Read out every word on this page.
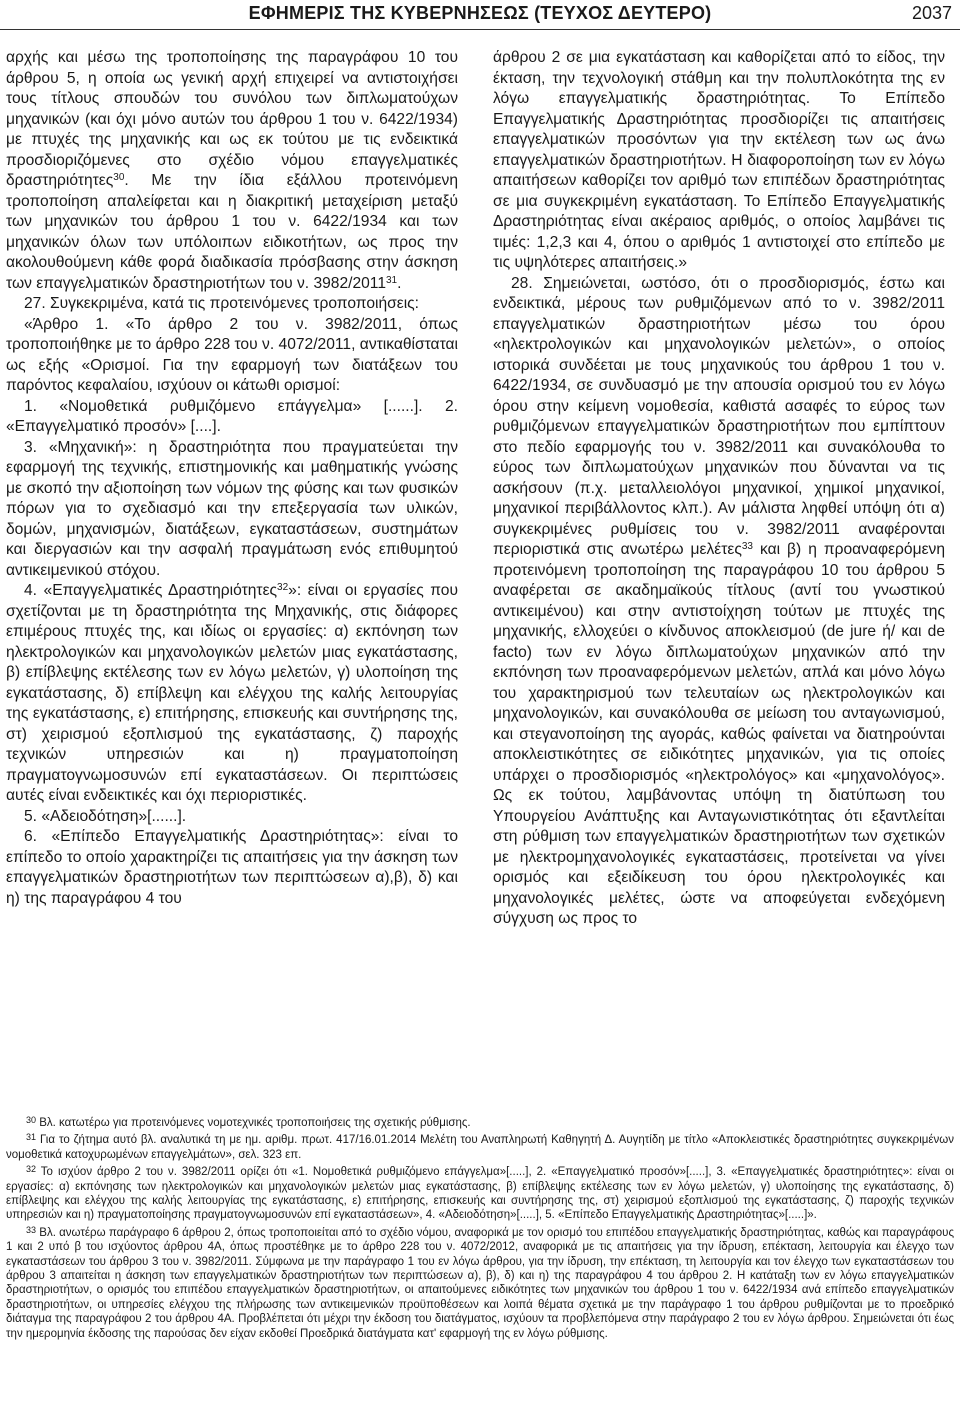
ΕΦΗΜΕΡΙΣ ΤΗΣ ΚΥΒΕΡΝΗΣΕΩΣ (ΤΕΥΧΟΣ ΔΕΥΤΕΡΟ)	2037

αρχής και μέσω της τροποποίησης της παραγράφου 10 του άρθρου 5, η οποία ως γενική αρχή επιχειρεί να αντιστοιχήσει τους τίτλους σπουδών του συνόλου των διπλωματούχων μηχανικών (και όχι μόνο αυτών του άρθρου 1 του ν. 6422/1934) με πτυχές της μηχανικής και ως εκ τούτου με τις ενδεικτικά προσδιοριζόμενες στο σχέδιο νόμου επαγγελματικές δραστηριότητες$^{30}$. Με την ίδια εξάλλου προτεινόμενη τροποποίηση απαλείφεται και η διακριτική μεταχείριση μεταξύ των μηχανικών του άρθρου 1 του ν. 6422/1934 και των μηχανικών όλων των υπόλοιπων ειδικοτήτων, ως προς την ακολουθούμενη κάθε φορά διαδικασία πρόσβασης στην άσκηση των επαγγελματικών δραστηριοτήτων του ν. 3982/2011$^{31}$.

27. Συγκεκριμένα, κατά τις προτεινόμενες τροποποιήσεις:

«Άρθρο 1. «Το άρθρο 2 του ν. 3982/2011, όπως τροποποιήθηκε με το άρθρο 228 του ν. 4072/2011, αντικαθίσταται ως εξής «Ορισμοί. Για την εφαρμογή των διατάξεων του παρόντος κεφαλαίου, ισχύουν οι κάτωθι ορισμοί:

1. «Νομοθετικά ρυθμιζόμενο επάγγελμα» [......]. 2. «Επαγγελματικό προσόν» [....].

3. «Μηχανική»: η δραστηριότητα που πραγματεύεται την εφαρμογή της τεχνικής, επιστημονικής και μαθηματικής γνώσης με σκοπό την αξιοποίηση των νόμων της φύσης και των φυσικών πόρων για το σχεδιασμό και την επεξεργασία των υλικών, δομών, μηχανισμών, διατάξεων, εγκαταστάσεων, συστημάτων και διεργασιών και την ασφαλή πραγμάτωση ενός επιθυμητού αντικειμενικού στόχου.

4. «Επαγγελματικές Δραστηριότητες$^{32}$»: είναι οι εργασίες που σχετίζονται με τη δραστηριότητα της Μηχανικής, στις διάφορες επιμέρους πτυχές της, και ιδίως οι εργασίες: α) εκπόνηση των ηλεκτρολογικών και μηχανολογικών μελετών μιας εγκατάστασης, β) επίβλεψης εκτέλεσης των εν λόγω μελετών, γ) υλοποίηση της εγκατάστασης, δ) επίβλεψη και ελέγχου της καλής λειτουργίας της εγκατάστασης, ε) επιτήρησης, επισκευής και συντήρησης της, στ) χειρισμού εξοπλισμού της εγκατάστασης, ζ) παροχής τεχνικών υπηρεσιών και η) πραγματοποίηση πραγματογνωμοσυνών επί εγκαταστάσεων. Οι περιπτώσεις αυτές είναι ενδεικτικές και όχι περιοριστικές.

5. «Αδειοδότηση»[......].

6. «Επίπεδο Επαγγελματικής Δραστηριότητας»: είναι το επίπεδο το οποίο χαρακτηρίζει τις απαιτήσεις για την άσκηση των επαγγελματικών δραστηριοτήτων των περιπτώσεων α),β), δ) και η) της παραγράφου 4 του

άρθρου 2 σε μια εγκατάσταση και καθορίζεται από το είδος, την έκταση, την τεχνολογική στάθμη και την πολυπλοκότητα της εν λόγω επαγγελματικής δραστηριότητας. Το Επίπεδο Επαγγελματικής Δραστηριότητας προσδιορίζει τις απαιτήσεις επαγγελματικών προσόντων για την εκτέλεση των ως άνω επαγγελματικών δραστηριοτήτων. Η διαφοροποίηση των εν λόγω απαιτήσεων καθορίζει τον αριθμό των επιπέδων δραστηριότητας σε μια συγκεκριμένη εγκατάσταση. Το Επίπεδο Επαγγελματικής Δραστηριότητας είναι ακέραιος αριθμός, ο οποίος λαμβάνει τις τιμές: 1,2,3 και 4, όπου ο αριθμός 1 αντιστοιχεί στο επίπεδο με τις υψηλότερες απαιτήσεις.»

28. Σημειώνεται, ωστόσο, ότι ο προσδιορισμός, έστω και ενδεικτικά, μέρους των ρυθμιζόμενων από το ν. 3982/2011 επαγγελματικών δραστηριοτήτων μέσω του όρου «ηλεκτρολογικών και μηχανολογικών μελετών», ο οποίος ιστορικά συνδέεται με τους μηχανικούς του άρθρου 1 του ν. 6422/1934, σε συνδυασμό με την απουσία ορισμού του εν λόγω όρου στην κείμενη νομοθεσία, καθιστά ασαφές το εύρος των ρυθμιζόμενων επαγγελματικών δραστηριοτήτων που εμπίπτουν στο πεδίο εφαρμογής του ν. 3982/2011 και συνακόλουθα το εύρος των διπλωματούχων μηχανικών που δύνανται να τις ασκήσουν (π.χ. μεταλλειολόγοι μηχανικοί, χημικοί μηχανικοί, μηχανικοί περιβάλλοντος κλπ.). Αν μάλιστα ληφθεί υπόψη ότι α) συγκεκριμένες ρυθμίσεις του ν. 3982/2011 αναφέρονται περιοριστικά στις ανωτέρω μελέτες$^{33}$ και β) η προαναφερόμενη προτεινόμενη τροποποίηση της παραγράφου 10 του άρθρου 5 αναφέρεται σε ακαδημαϊκούς τίτλους (αντί του γνωστικού αντικειμένου) και στην αντιστοίχηση τούτων με πτυχές της μηχανικής, ελλοχεύει ο κίνδυνος αποκλεισμού (de jure ή/ και de facto) των εν λόγω διπλωματούχων μηχανικών από την εκπόνηση των προαναφερόμενων μελετών, απλά και μόνο λόγω του χαρακτηρισμού των τελευταίων ως ηλεκτρολογικών και μηχανολογικών, και συνακόλουθα σε μείωση του ανταγωνισμού, και στεγανοποίηση της αγοράς, καθώς φαίνεται να διατηρούνται αποκλειστικότητες σε ειδικότητες μηχανικών, για τις οποίες υπάρχει ο προσδιορισμός «ηλεκτρολόγος» και «μηχανολόγος». Ως εκ τούτου, λαμβάνοντας υπόψη τη διατύπωση του Υπουργείου Ανάπτυξης και Ανταγωνιστικότητας ότι εξαντλείται στη ρύθμιση των επαγγελματικών δραστηριοτήτων των σχετικών με ηλεκτρομηχανολογικές εγκαταστάσεις, προτείνεται να γίνει ορισμός και εξειδίκευση του όρου ηλεκτρολογικές και μηχανολογικές μελέτες, ώστε να αποφεύγεται ενδεχόμενη σύγχυση ως προς το

$^{30}$ Βλ. κατωτέρω για προτεινόμενες νομοτεχνικές τροποποιήσεις της σχετικής ρύθμισης.

$^{31}$ Για το ζήτημα αυτό βλ. αναλυτικά τη με ημ. αριθμ. πρωτ. 417/16.01.2014 Μελέτη του Αναπληρωτή Καθηγητή Δ. Αυγητίδη με τίτλο «Αποκλειστικές δραστηριότητες συγκεκριμένων νομοθετικά κατοχυρωμένων επαγγελμάτων», σελ. 323 επ.

$^{32}$ Το ισχύον άρθρο 2 του ν. 3982/2011 ορίζει ότι «1. Νομοθετικά ρυθμιζόμενο επάγγελμα»[.....], 2. «Επαγγελματικό προσόν»[.....], 3. «Επαγγελματικές δραστηριότητες»: είναι οι εργασίες: α) εκπόνησης των ηλεκτρολογικών και μηχανολογικών μελετών μιας εγκατάστασης, β) επίβλεψης εκτέλεσης των εν λόγω μελετών, γ) υλοποίησης της εγκατάστασης, δ) επίβλεψης και ελέγχου της καλής λειτουργίας της εγκατάστασης, ε) επιτήρησης, επισκευής και συντήρησης της, στ) χειρισμού εξοπλισμού της εγκατάστασης, ζ) παροχής τεχνικών υπηρεσιών και η) πραγματοποίησης πραγματογνωμοσυνών επί εγκαταστάσεων», 4. «Αδειοδότηση»[.....], 5. «Επίπεδο Επαγγελματικής Δραστηριότητας»[.....]».

$^{33}$ Βλ. ανωτέρω παράγραφο 6 άρθρου 2, όπως τροποποιείται από το σχέδιο νόμου, αναφορικά με τον ορισμό του επιπέδου επαγγελματικής δραστηριότητας, καθώς και παραγράφους 1 και 2 υπό β του ισχύοντος άρθρου 4Α, όπως προστέθηκε με το άρθρο 228 του ν. 4072/2012, αναφορικά με τις απαιτήσεις για την ίδρυση, επέκταση, λειτουργία και έλεγχο των εγκαταστάσεων του άρθρου 3 του ν. 3982/2011. Σύμφωνα με την παράγραφο 1 του εν λόγω άρθρου, για την ίδρυση, την επέκταση, τη λειτουργία και τον έλεγχο των εγκαταστάσεων του άρθρου 3 απαιτείται η άσκηση των επαγγελματικών δραστηριοτήτων των περιπτώσεων α), β), δ) και η) της παραγράφου 4 του άρθρου 2. Η κατάταξη των εν λόγω επαγγελματικών δραστηριοτήτων, ο ορισμός του επιπέδου επαγγελματικών δραστηριοτήτων, οι απαιτούμενες ειδικότητες των μηχανικών του άρθρου 1 του ν. 6422/1934 ανά επίπεδο επαγγελματικών δραστηριοτήτων, οι υπηρεσίες ελέγχου της πλήρωσης των αντικειμενικών προϋποθέσεων και λοιπά θέματα σχετικά με την παράγραφο 1 του άρθρου ρυθμίζονται με το προεδρικό διάταγμα της παραγράφου 2 του άρθρου 4Α. Προβλέπεται ότι μέχρι την έκδοση του διατάγματος, ισχύουν τα προβλεπόμενα στην παράγραφο 2 του εν λόγω άρθρου. Σημειώνεται ότι έως την ημερομηνία έκδοσης της παρούσας δεν είχαν εκδοθεί Προεδρικά διατάγματα κατ' εφαρμογή της εν λόγω ρύθμισης.
